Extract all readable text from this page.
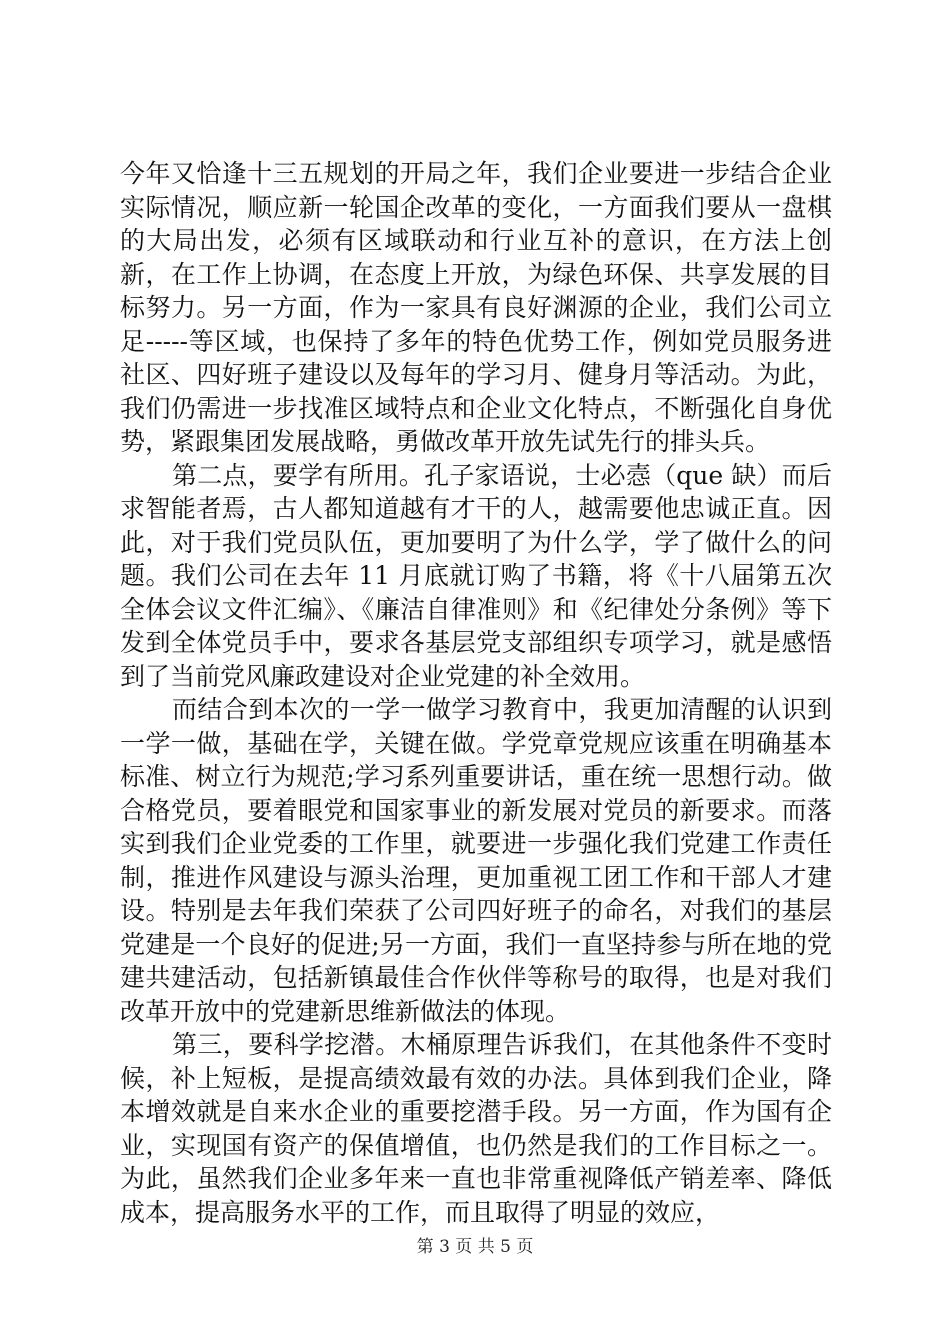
今年又恰逢十三五规划的开局之年，我们企业要进一步结合企业实际情况，顺应新一轮国企改革的变化，一方面我们要从一盘棋的大局出发，必须有区域联动和行业互补的意识，在方法上创新，在工作上协调，在态度上开放，为绿色环保、共享发展的目标努力。另一方面，作为一家具有良好渊源的企业，我们公司立足-----等区域，也保持了多年的特色优势工作，例如党员服务进社区、四好班子建设以及每年的学习月、健身月等活动。为此，我们仍需进一步找准区域特点和企业文化特点，不断强化自身优势，紧跟集团发展战略，勇做改革开放先试先行的排头兵。

第二点，要学有所用。孔子家语说，士必悫（que 缺）而后求智能者焉，古人都知道越有才干的人，越需要他忠诚正直。因此，对于我们党员队伍，更加要明了为什么学，学了做什么的问题。我们公司在去年 11 月底就订购了书籍，将《十八届第五次全体会议文件汇编》、《廉洁自律准则》和《纪律处分条例》等下发到全体党员手中，要求各基层党支部组织专项学习，就是感悟到了当前党风廉政建设对企业党建的补全效用。

而结合到本次的一学一做学习教育中，我更加清醒的认识到一学一做，基础在学，关键在做。学党章党规应该重在明确基本标准、树立行为规范;学习系列重要讲话，重在统一思想行动。做合格党员，要着眼党和国家事业的新发展对党员的新要求。而落实到我们企业党委的工作里，就要进一步强化我们党建工作责任制，推进作风建设与源头治理，更加重视工团工作和干部人才建设。特别是去年我们荣获了公司四好班子的命名，对我们的基层党建是一个良好的促进;另一方面，我们一直坚持参与所在地的党建共建活动，包括新镇最佳合作伙伴等称号的取得，也是对我们改革开放中的党建新思维新做法的体现。

第三，要科学挖潜。木桶原理告诉我们，在其他条件不变时候，补上短板，是提高绩效最有效的办法。具体到我们企业，降本增效就是自来水企业的重要挖潜手段。另一方面，作为国有企业，实现国有资产的保值增值，也仍然是我们的工作目标之一。为此，虽然我们企业多年来一直也非常重视降低产销差率、降低成本，提高服务水平的工作，而且取得了明显的效应，

第 3 页 共 5 页
